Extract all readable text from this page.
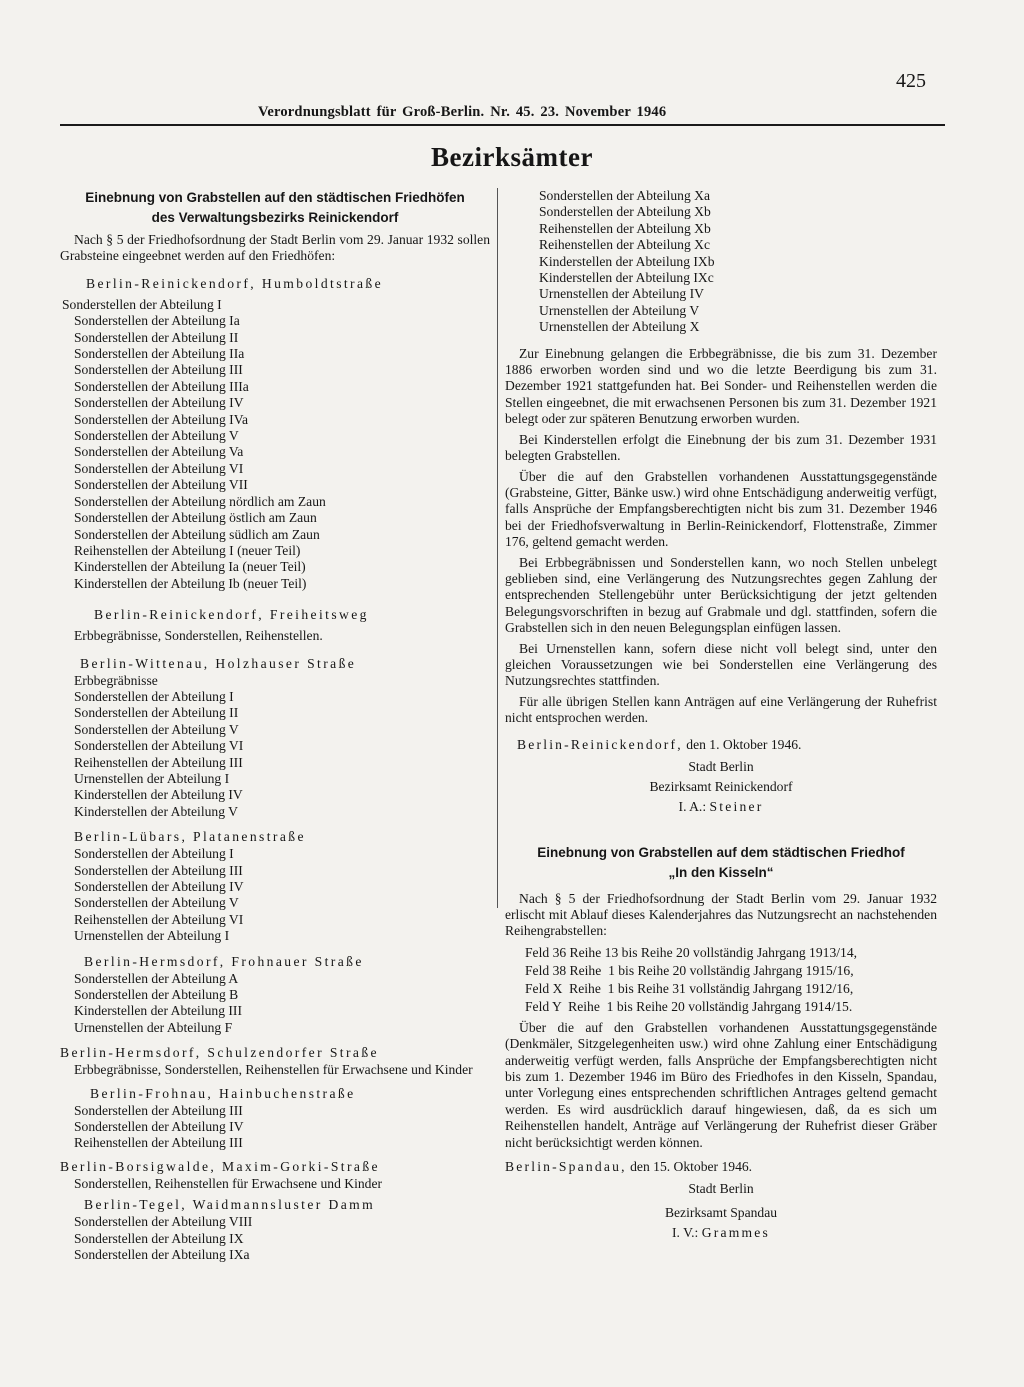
425
Verordnungsblatt für Groß-Berlin. Nr. 45. 23. November 1946
Bezirksämter
Einebnung von Grabstellen auf den städtischen Friedhöfen
des Verwaltungsbezirks Reinickendorf

Nach § 5 der Friedhofsordnung der Stadt Berlin vom 29. Januar 1932 sollen Grabsteine eingeebnet werden auf den Friedhöfen:

Berlin-Reinickendorf, Humboldtstraße
Sonderstellen der Abteilung I
Sonderstellen der Abteilung Ia
Sonderstellen der Abteilung II
Sonderstellen der Abteilung IIa
Sonderstellen der Abteilung III
Sonderstellen der Abteilung IIIa
Sonderstellen der Abteilung IV
Sonderstellen der Abteilung IVa
Sonderstellen der Abteilung V
Sonderstellen der Abteilung Va
Sonderstellen der Abteilung VI
Sonderstellen der Abteilung VII
Sonderstellen der Abteilung nördlich am Zaun
Sonderstellen der Abteilung östlich am Zaun
Sonderstellen der Abteilung südlich am Zaun
Reihenstellen der Abteilung I (neuer Teil)
Kinderstellen der Abteilung Ia (neuer Teil)
Kinderstellen der Abteilung Ib (neuer Teil)
Berlin-Reinickendorf, Freiheitsweg

Erbbegräbnisse, Sonderstellen, Reihenstellen.

Berlin-Wittenau, Holzhauser Straße
Erbbegräbnisse
Sonderstellen der Abteilung I
Sonderstellen der Abteilung II
Sonderstellen der Abteilung V
Sonderstellen der Abteilung VI
Reihenstellen der Abteilung III
Urnenstellen der Abteilung I
Kinderstellen der Abteilung IV
Kinderstellen der Abteilung V
Berlin-Lübars, Platanenstraße
Sonderstellen der Abteilung I
Sonderstellen der Abteilung III
Sonderstellen der Abteilung IV
Sonderstellen der Abteilung V
Reihenstellen der Abteilung VI
Urnenstellen der Abteilung I
Berlin-Hermsdorf, Frohnauer Straße
Sonderstellen der Abteilung A
Sonderstellen der Abteilung B
Kinderstellen der Abteilung III
Urnenstellen der Abteilung F
Berlin-Hermsdorf, Schulzendorfer Straße

Erbbegräbnisse, Sonderstellen, Reihenstellen für Erwachsene und Kinder

Berlin-Frohnau, Hainbuchenstraße
Sonderstellen der Abteilung III
Sonderstellen der Abteilung IV
Reihenstellen der Abteilung III
Berlin-Borsigwalde, Maxim-Gorki-Straße

Sonderstellen, Reihenstellen für Erwachsene und Kinder

Berlin-Tegel, Waidmannsluster Damm
Sonderstellen der Abteilung VIII
Sonderstellen der Abteilung IX
Sonderstellen der Abteilung IXa
Sonderstellen der Abteilung Xa
Sonderstellen der Abteilung Xb
Reihenstellen der Abteilung Xb
Reihenstellen der Abteilung Xc
Kinderstellen der Abteilung IXb
Kinderstellen der Abteilung IXc
Urnenstellen der Abteilung IV
Urnenstellen der Abteilung V
Urnenstellen der Abteilung X

Zur Einebnung gelangen die Erbbegräbnisse, die bis zum 31. Dezember 1886 erworben worden sind und wo die letzte Beerdigung bis zum 31. Dezember 1921 stattgefunden hat. Bei Sonder- und Reihenstellen werden die Stellen eingeebnet, die mit erwachsenen Personen bis zum 31. Dezember 1921 belegt oder zur späteren Benutzung erworben wurden.

Bei Kinderstellen erfolgt die Einebnung der bis zum 31. Dezember 1931 belegten Grabstellen.

Über die auf den Grabstellen vorhandenen Ausstattungsgegenstände (Grabsteine, Gitter, Bänke usw.) wird ohne Entschädigung anderweitig verfügt, falls Ansprüche der Empfangsberechtigten nicht bis zum 31. Dezember 1946 bei der Friedhofsverwaltung in Berlin-Reinickendorf, Flottenstraße, Zimmer 176, geltend gemacht werden.

Bei Erbbegräbnissen und Sonderstellen kann, wo noch Stellen unbelegt geblieben sind, eine Verlängerung des Nutzungsrechtes gegen Zahlung der entsprechenden Stellengebühr unter Berücksichtigung der jetzt geltenden Belegungsvorschriften in bezug auf Grabmale und dgl. stattfinden, sofern die Grabstellen sich in den neuen Belegungsplan einfügen lassen.

Bei Urnenstellen kann, sofern diese nicht voll belegt sind, unter den gleichen Voraussetzungen wie bei Sonderstellen eine Verlängerung des Nutzungsrechtes stattfinden.

Für alle übrigen Stellen kann Anträgen auf eine Verlängerung der Ruhefrist nicht entsprochen werden.

Berlin-Reinickendorf, den 1. Oktober 1946.
Stadt Berlin
Bezirksamt Reinickendorf
I. A.: Steiner
Einebnung von Grabstellen auf dem städtischen Friedhof
„In den Kisseln“

Nach § 5 der Friedhofsordnung der Stadt Berlin vom 29. Januar 1932 erlischt mit Ablauf dieses Kalenderjahres das Nutzungsrecht an nachstehenden Reihengrabstellen:

Feld 36 Reihe 13 bis Reihe 20 vollständig Jahrgang 1913/14,
Feld 38 Reihe  1 bis Reihe 20 vollständig Jahrgang 1915/16,
Feld X  Reihe  1 bis Reihe 31 vollständig Jahrgang 1912/16,
Feld Y  Reihe  1 bis Reihe 20 vollständig Jahrgang 1914/15.

Über die auf den Grabstellen vorhandenen Ausstattungsgegenstände (Denkmäler, Sitzgelegenheiten usw.) wird ohne Zahlung einer Entschädigung anderweitig verfügt werden, falls Ansprüche der Empfangsberechtigten nicht bis zum 1. Dezember 1946 im Büro des Friedhofes in den Kisseln, Spandau, unter Vorlegung eines entsprechenden schriftlichen Antrages geltend gemacht werden. Es wird ausdrücklich darauf hingewiesen, daß, da es sich um Reihenstellen handelt, Anträge auf Verlängerung der Ruhefrist dieser Gräber nicht berücksichtigt werden können.

Berlin-Spandau, den 15. Oktober 1946.
Stadt Berlin
Bezirksamt Spandau
I. V.: Grammes
